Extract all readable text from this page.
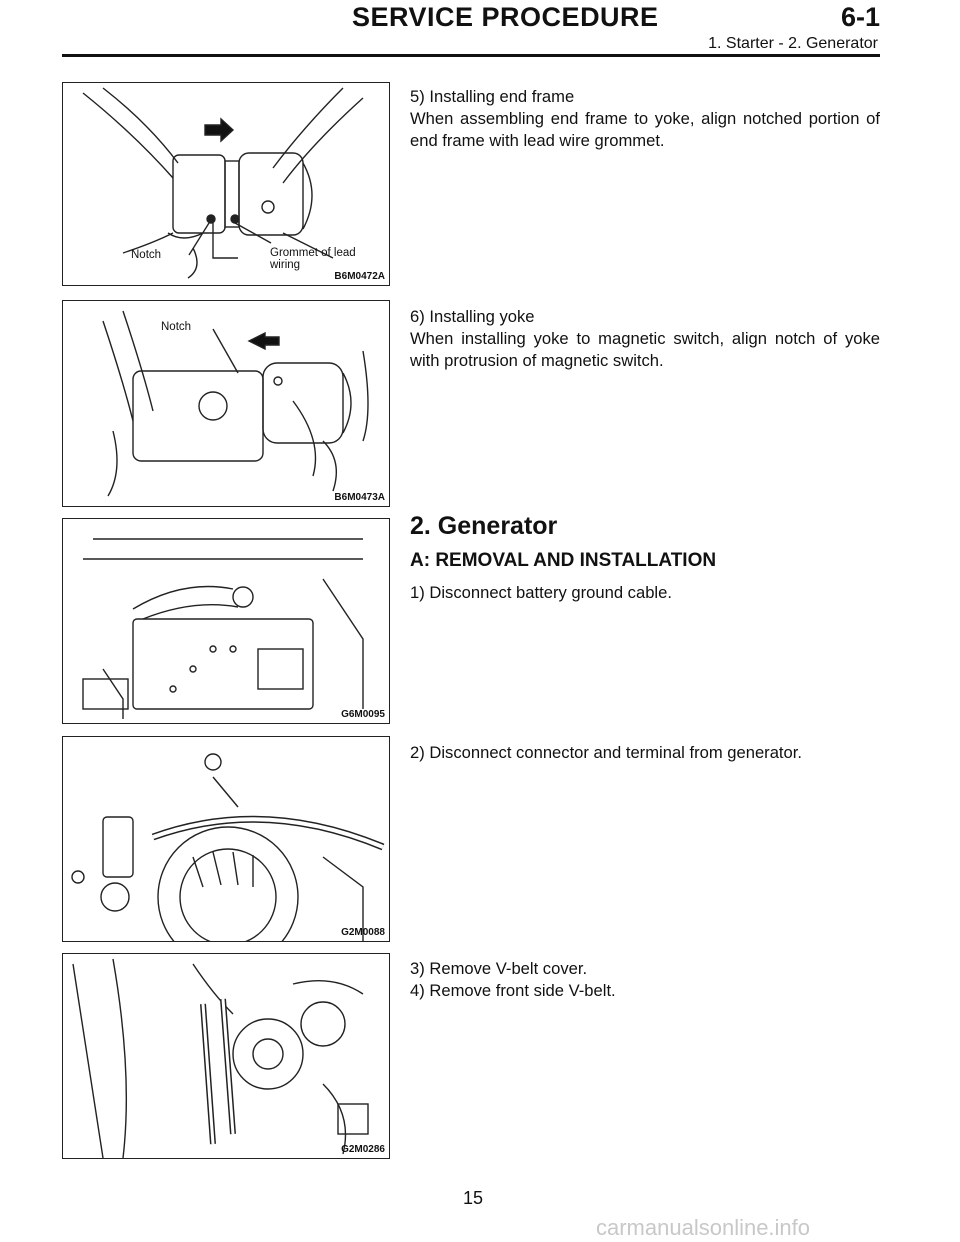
SERVICE PROCEDURE	6-1
1. Starter - 2. Generator
Notch	Grommet of lead
wiring
B6M0472A
5) Installing end frame
When assembling end frame to yoke, align notched portion of end frame with lead wire grommet.
Notch
B6M0473A
6) Installing yoke
When installing yoke to magnetic switch, align notch of yoke with protrusion of magnetic switch.
2. Generator
A: REMOVAL AND INSTALLATION
G6M0095
1) Disconnect battery ground cable.
G2M0088
2) Disconnect connector and terminal from generator.
G2M0286
3) Remove V-belt cover.
4) Remove front side V-belt.
15
carmanualsonline.info
